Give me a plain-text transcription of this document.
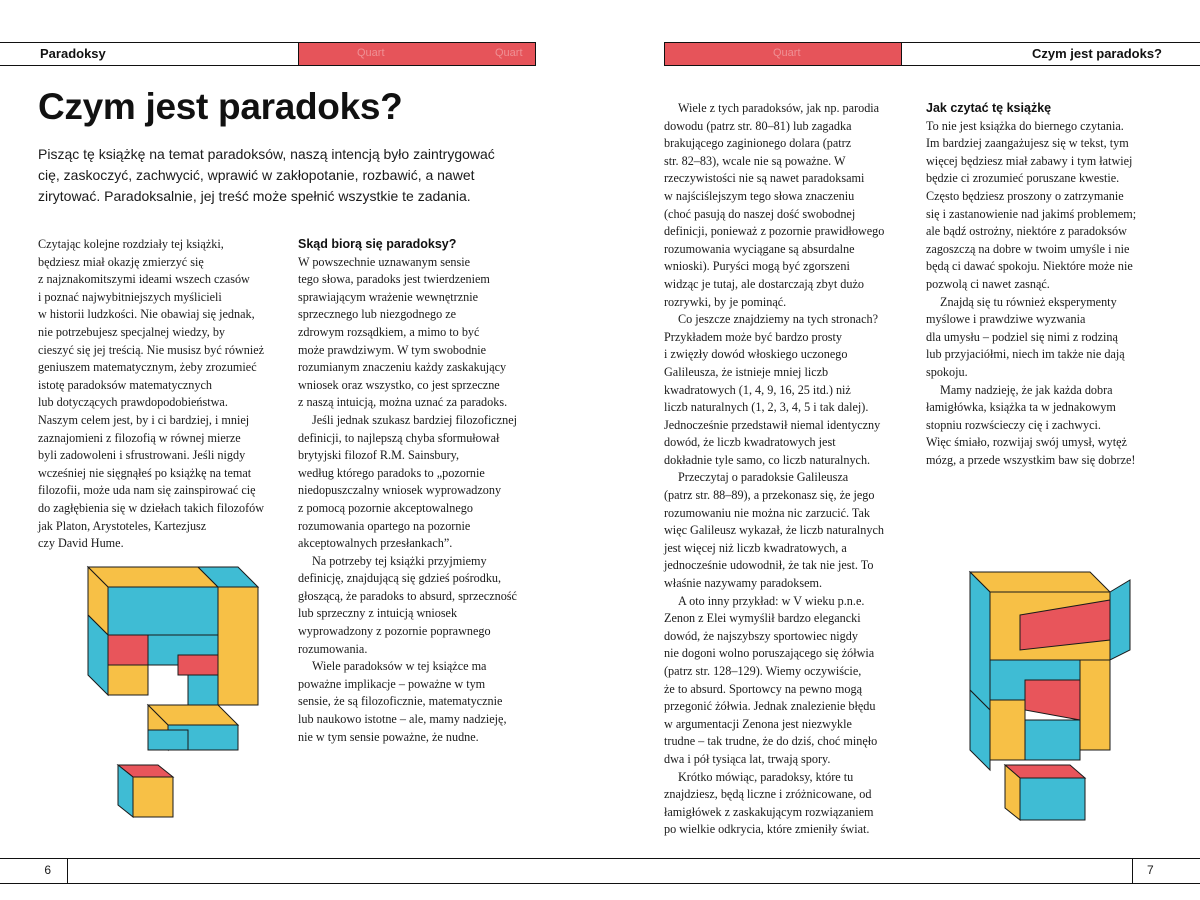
Paradoksy	Quart	Quart
Czym jest paradoks?
Pisząc tę książkę na temat paradoksów, naszą intencją było zaintrygować
cię, zaskoczyć, zachwycić, wprawić w zakłopotanie, rozbawić, a nawet
zirytować. Paradoksalnie, jej treść może spełnić wszystkie te zadania.

Czytając kolejne rozdziały tej książki,
będziesz miał okazję zmierzyć się
z najznakomitszymi ideami wszech czasów
i poznać najwybitniejszych myślicieli
w historii ludzkości. Nie obawiaj się jednak,
nie potrzebujesz specjalnej wiedzy, by
cieszyć się jej treścią. Nie musisz być również
geniuszem matematycznym, żeby zrozumieć
istotę paradoksów matematycznych
lub dotyczących prawdopodobieństwa.
Naszym celem jest, by i ci bardziej, i mniej
zaznajomieni z filozofią w równej mierze
byli zadowoleni i sfrustrowani. Jeśli nigdy
wcześniej nie sięgnąłeś po książkę na temat
filozofii, może uda nam się zainspirować cię
do zagłębienia się w dziełach takich filozofów
jak Platon, Arystoteles, Kartezjusz
czy David Hume.

Skąd biorą się paradoksy?

W powszechnie uznawanym sensie
tego słowa, paradoks jest twierdzeniem
sprawiającym wrażenie wewnętrznie
sprzecznego lub niezgodnego ze
zdrowym rozsądkiem, a mimo to być
może prawdziwym. W tym swobodnie
rozumianym znaczeniu każdy zaskakujący
wniosek oraz wszystko, co jest sprzeczne
z naszą intuicją, można uznać za paradoks.

Jeśli jednak szukasz bardziej filozoficznej
definicji, to najlepszą chyba sformułował
brytyjski filozof R.M. Sainsbury,
według którego paradoks to „pozornie
niedopuszczalny wniosek wyprowadzony
z pomocą pozornie akceptowalnego
rozumowania opartego na pozornie
akceptowalnych przesłankach”.

Na potrzeby tej książki przyjmiemy
definicję, znajdującą się gdzieś pośrodku,
głoszącą, że paradoks to absurd, sprzeczność
lub sprzeczny z intuicją wniosek
wyprowadzony z pozornie poprawnego
rozumowania.

Wiele paradoksów w tej książce ma
poważne implikacje – poważne w tym
sensie, że są filozoficznie, matematycznie
lub naukowo istotne – ale, mamy nadzieję,
nie w tym sensie poważne, że nudne.

6
Quart	Czym jest paradoks?

Wiele z tych paradoksów, jak np. parodia
dowodu (patrz str. 80–81) lub zagadka
brakującego zaginionego dolara (patrz
str. 82–83), wcale nie są poważne. W
rzeczywistości nie są nawet paradoksami
w najściślejszym tego słowa znaczeniu
(choć pasują do naszej dość swobodnej
definicji, ponieważ z pozornie prawidłowego
rozumowania wyciągane są absurdalne
wnioski). Puryści mogą być zgorszeni
widząc je tutaj, ale dostarczają zbyt dużo
rozrywki, by je pominąć.

Co jeszcze znajdziemy na tych stronach?
Przykładem może być bardzo prosty
i zwięzły dowód włoskiego uczonego
Galileusza, że istnieje mniej liczb
kwadratowych (1, 4, 9, 16, 25 itd.) niż
liczb naturalnych (1, 2, 3, 4, 5 i tak dalej).
Jednocześnie przedstawił niemal identyczny
dowód, że liczb kwadratowych jest
dokładnie tyle samo, co liczb naturalnych.

Przeczytaj o paradoksie Galileusza
(patrz str. 88–89), a przekonasz się, że jego
rozumowaniu nie można nic zarzucić. Tak
więc Galileusz wykazał, że liczb naturalnych
jest więcej niż liczb kwadratowych, a
jednocześnie udowodnił, że tak nie jest. To
właśnie nazywamy paradoksem.

A oto inny przykład: w V wieku p.n.e.
Zenon z Elei wymyślił bardzo elegancki
dowód, że najszybszy sportowiec nigdy
nie dogoni wolno poruszającego się żółwia
(patrz str. 128–129). Wiemy oczywiście,
że to absurd. Sportowcy na pewno mogą
przegonić żółwia. Jednak znalezienie błędu
w argumentacji Zenona jest niezwykle
trudne – tak trudne, że do dziś, choć minęło
dwa i pół tysiąca lat, trwają spory.

Krótko mówiąc, paradoksy, które tu
znajdziesz, będą liczne i zróżnicowane, od
łamigłówek z zaskakującym rozwiązaniem
po wielkie odkrycia, które zmieniły świat.

Jak czytać tę książkę

To nie jest książka do biernego czytania.
Im bardziej zaangażujesz się w tekst, tym
więcej będziesz miał zabawy i tym łatwiej
będzie ci zrozumieć poruszane kwestie.
Często będziesz proszony o zatrzymanie
się i zastanowienie nad jakimś problemem;
ale bądź ostrożny, niektóre z paradoksów
zagoszczą na dobre w twoim umyśle i nie
będą ci dawać spokoju. Niektóre może nie
pozwolą ci nawet zasnąć.

Znajdą się tu również eksperymenty
myślowe i prawdziwe wyzwania
dla umysłu – podziel się nimi z rodziną
lub przyjaciółmi, niech im także nie dają
spokoju.

Mamy nadzieję, że jak każda dobra
łamigłówka, książka ta w jednakowym
stopniu rozwścieczy cię i zachwyci.
Więc śmiało, rozwijaj swój umysł, wytęż
mózg, a przede wszystkim baw się dobrze!

7
